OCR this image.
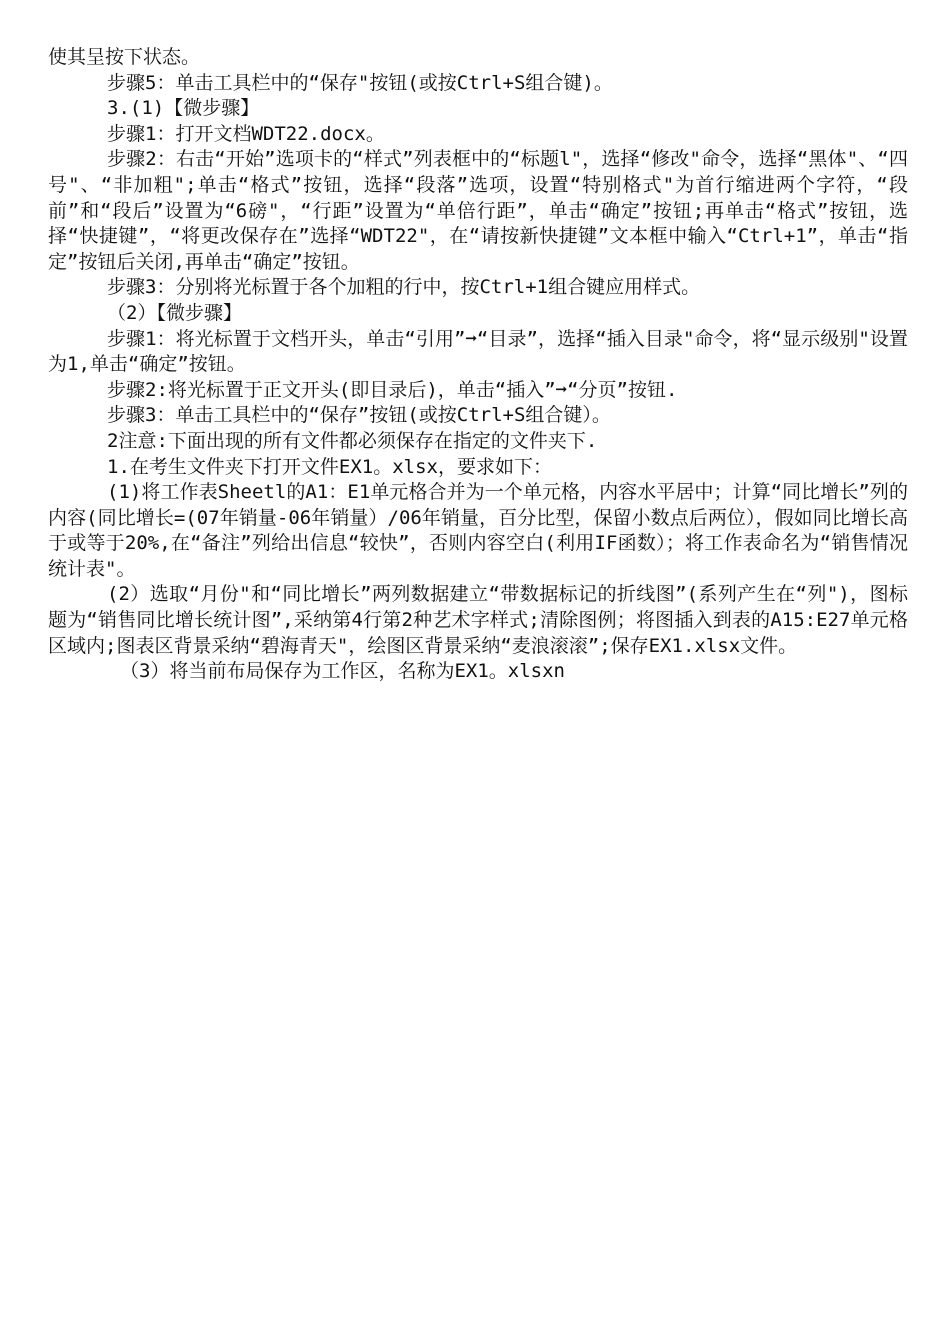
使其呈按下状态。

步骤5：单击工具栏中的“保存"按钮(或按Ctrl+S组合键)。

3.(1)【微步骤】

步骤1：打开文档WDT22.docx。

步骤2：右击“开始”选项卡的“样式”列表框中的“标题l"，选择“修改"命令，选择“黑体"、“四号"、“非加粗";单击“格式”按钮，选择“段落”选项，设置“特别格式"为首行缩进两个字符，“段前”和“段后”设置为“6磅"，“行距”设置为“单倍行距”，单击“确定”按钮;再单击“格式”按钮，选择“快捷键”，“将更改保存在”选择“WDT22"，在“请按新快捷键”文本框中输入“Ctrl+1”，单击“指定”按钮后关闭,再单击“确定”按钮。

步骤3：分别将光标置于各个加粗的行中，按Ctrl+1组合键应用样式。

（2）【微步骤】

步骤1：将光标置于文档开头，单击“引用”➞“目录”，选择“插入目录"命令，将“显示级别"设置为1,单击“确定”按钮。

步骤2:将光标置于正文开头(即目录后)，单击“插入”➞“分页”按钮.

步骤3：单击工具栏中的“保存”按钮(或按Ctrl+S组合键）。

2注意:下面出现的所有文件都必须保存在指定的文件夹下.

1.在考生文件夹下打开文件EX1。xlsx，要求如下：

(1)将工作表Sheetl的A1：E1单元格合并为一个单元格，内容水平居中；计算“同比增长”列的内容(同比增长=(07年销量-06年销量）/06年销量，百分比型，保留小数点后两位），假如同比增长高于或等于20%,在“备注”列给出信息“较快”，否则内容空白(利用IF函数）；将工作表命名为“销售情况统计表"。

(2）选取“月份"和“同比增长”两列数据建立“带数据标记的折线图”(系列产生在“列")，图标题为“销售同比增长统计图”,采纳第4行第2种艺术字样式;清除图例；将图插入到表的A15:E27单元格区域内;图表区背景采纳“碧海青天"，绘图区背景采纳“麦浪滚滚”;保存EX1.xlsx文件。

（3）将当前布局保存为工作区，名称为EX1。xlsxn
